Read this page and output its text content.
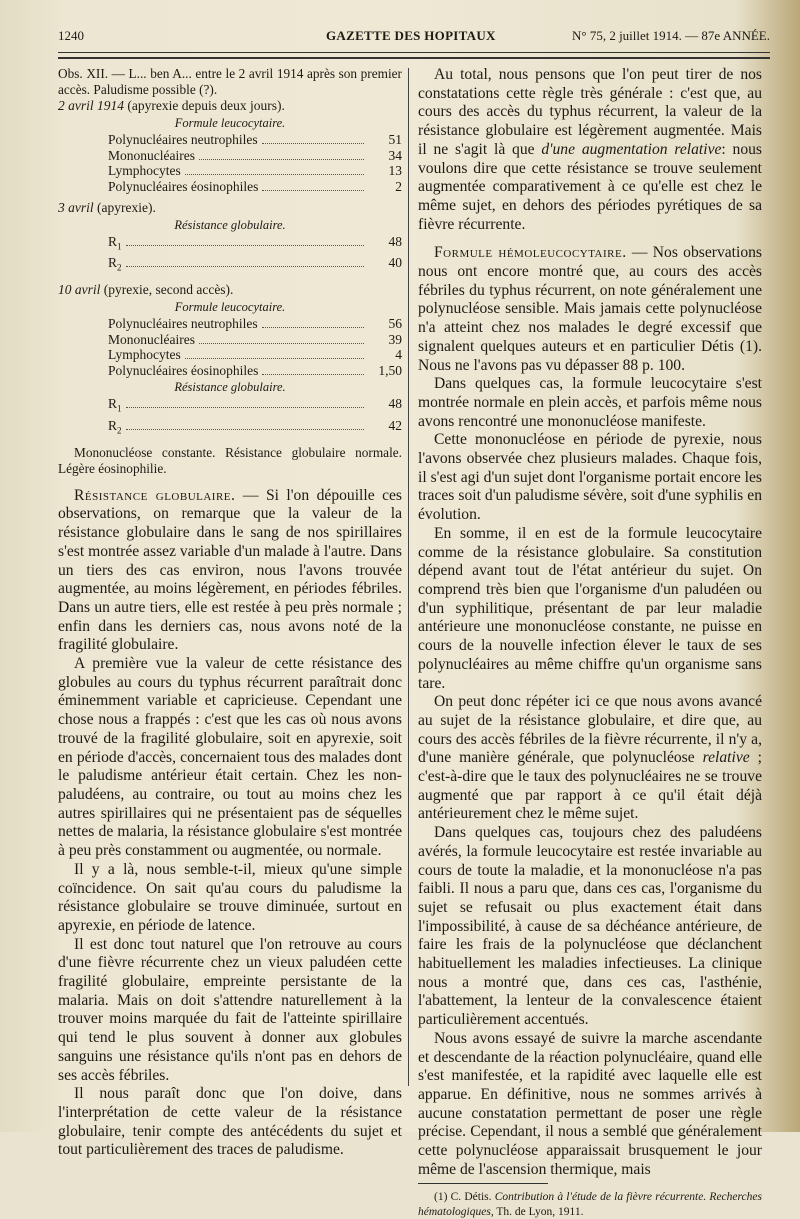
1240	GAZETTE DES HOPITAUX	N° 75, 2 juillet 1914. — 87e ANNÉE.

Obs. XII. — L... ben A... entre le 2 avril 1914 après son premier accès. Paludisme possible (?).

2 avril 1914 (apyrexie depuis deux jours).

Formule leucocytaire.

Polynucléaires neutrophiles	51
Mononucléaires	34
Lymphocytes	13
Polynucléaires éosinophiles	2

3 avril (apyrexie).

Résistance globulaire.

$R_1$	48
$R_2$	40

10 avril (pyrexie, second accès).

Formule leucocytaire.

Polynucléaires neutrophiles	56
Mononucléaires	39
Lymphocytes	4
Polynucléaires éosinophiles	1,50

Résistance globulaire.

$R_1$	48
$R_2$	42

Mononucléose constante. Résistance globulaire normale. Légère éosinophilie.

Résistance globulaire. — Si l'on dépouille ces observations, on remarque que la valeur de la résistance globulaire dans le sang de nos spirillaires s'est montrée assez variable d'un malade à l'autre. Dans un tiers des cas environ, nous l'avons trouvée augmentée, au moins légèrement, en périodes fébriles. Dans un autre tiers, elle est restée à peu près normale ; enfin dans les derniers cas, nous avons noté de la fragilité globulaire.

A première vue la valeur de cette résistance des globules au cours du typhus récurrent paraîtrait donc éminemment variable et capricieuse. Cependant une chose nous a frappés : c'est que les cas où nous avons trouvé de la fragilité globulaire, soit en apyrexie, soit en période d'accès, concernaient tous des malades dont le paludisme antérieur était certain. Chez les non-paludéens, au contraire, ou tout au moins chez les autres spirillaires qui ne présentaient pas de séquelles nettes de malaria, la résistance globulaire s'est montrée à peu près constamment ou augmentée, ou normale.

Il y a là, nous semble-t-il, mieux qu'une simple coïncidence. On sait qu'au cours du paludisme la résistance globulaire se trouve diminuée, surtout en apyrexie, en période de latence.

Il est donc tout naturel que l'on retrouve au cours d'une fièvre récurrente chez un vieux paludéen cette fragilité globulaire, empreinte persistante de la malaria. Mais on doit s'attendre naturellement à la trouver moins marquée du fait de l'atteinte spirillaire qui tend le plus souvent à donner aux globules sanguins une résistance qu'ils n'ont pas en dehors de ses accès fébriles.

Il nous paraît donc que l'on doive, dans l'interprétation de cette valeur de la résistance globulaire, tenir compte des antécédents du sujet et tout particulièrement des traces de paludisme.

Au total, nous pensons que l'on peut tirer de nos constatations cette règle très générale : c'est que, au cours des accès du typhus récurrent, la valeur de la résistance globulaire est légèrement augmentée. Mais il ne s'agit là que d'une augmentation relative: nous voulons dire que cette résistance se trouve seulement augmentée comparativement à ce qu'elle est chez le même sujet, en dehors des périodes pyrétiques de sa fièvre récurrente.

Formule hémoleucocytaire. — Nos observations nous ont encore montré que, au cours des accès fébriles du typhus récurrent, on note généralement une polynucléose sensible. Mais jamais cette polynucléose n'a atteint chez nos malades le degré excessif que signalent quelques auteurs et en particulier Détis (1). Nous ne l'avons pas vu dépasser 88 p. 100.

Dans quelques cas, la formule leucocytaire s'est montrée normale en plein accès, et parfois même nous avons rencontré une mononucléose manifeste.

Cette mononucléose en période de pyrexie, nous l'avons observée chez plusieurs malades. Chaque fois, il s'est agi d'un sujet dont l'organisme portait encore les traces soit d'un paludisme sévère, soit d'une syphilis en évolution.

En somme, il en est de la formule leucocytaire comme de la résistance globulaire. Sa constitution dépend avant tout de l'état antérieur du sujet. On comprend très bien que l'organisme d'un paludéen ou d'un syphilitique, présentant de par leur maladie antérieure une mononucléose constante, ne puisse en cours de la nouvelle infection élever le taux de ses polynucléaires au même chiffre qu'un organisme sans tare.

On peut donc répéter ici ce que nous avons avancé au sujet de la résistance globulaire, et dire que, au cours des accès fébriles de la fièvre récurrente, il n'y a, d'une manière générale, que polynucléose relative ; c'est-à-dire que le taux des polynucléaires ne se trouve augmenté que par rapport à ce qu'il était déjà antérieurement chez le même sujet.

Dans quelques cas, toujours chez des paludéens avérés, la formule leucocytaire est restée invariable au cours de toute la maladie, et la mononucléose n'a pas faibli. Il nous a paru que, dans ces cas, l'organisme du sujet se refusait ou plus exactement était dans l'impossibilité, à cause de sa déchéance antérieure, de faire les frais de la polynucléose que déclanchent habituellement les maladies infectieuses. La clinique nous a montré que, dans ces cas, l'asthénie, l'abattement, la lenteur de la convalescence étaient particulièrement accentués.

Nous avons essayé de suivre la marche ascendante et descendante de la réaction polynucléaire, quand elle s'est manifestée, et la rapidité avec laquelle elle est apparue. En définitive, nous ne sommes arrivés à aucune constatation permettant de poser une règle précise. Cependant, il nous a semblé que généralement cette polynucléose apparaissait brusquement le jour même de l'ascension thermique, mais

(1) C. Détis. Contribution à l'étude de la fièvre récurrente. Recherches hématologiques, Th. de Lyon, 1911.
